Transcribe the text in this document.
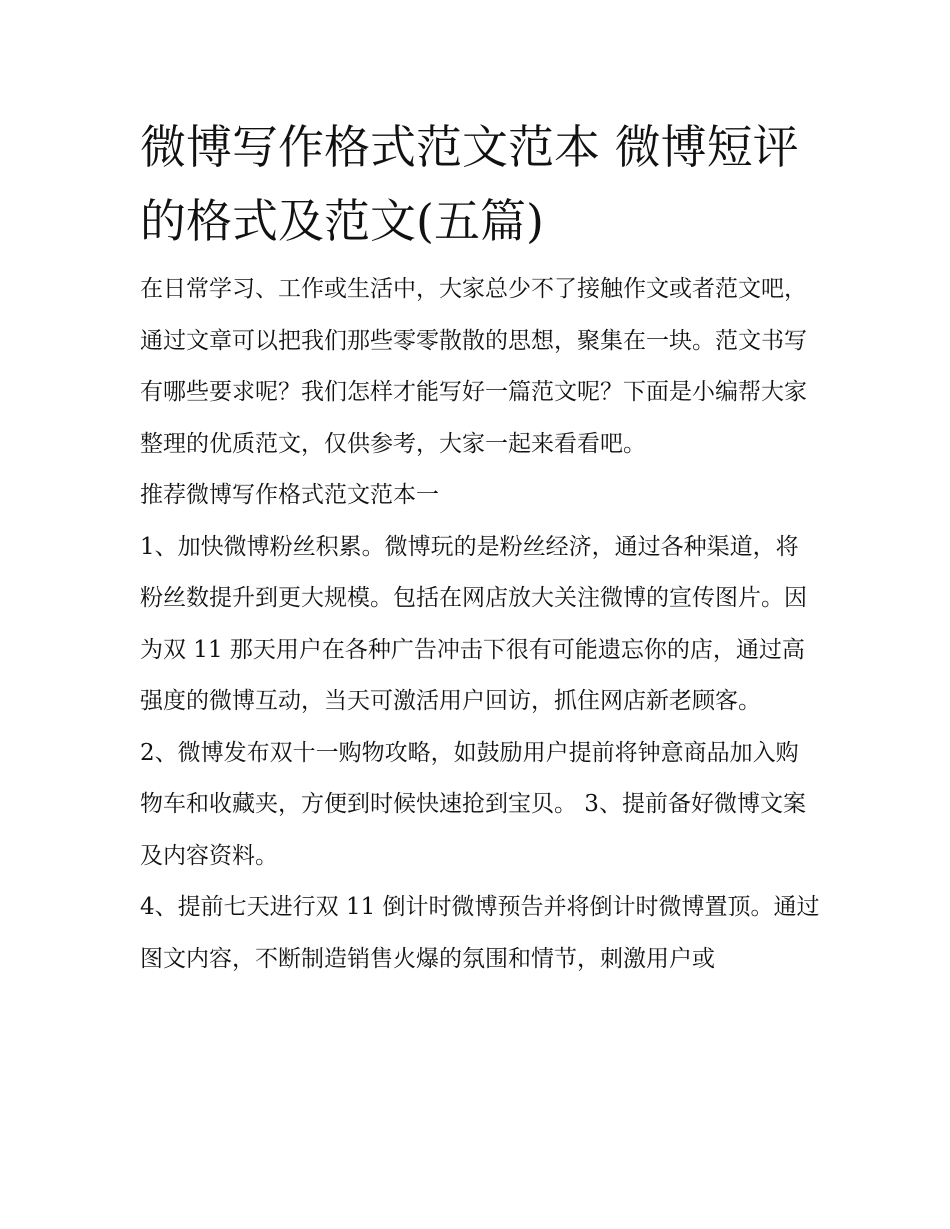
微博写作格式范文范本 微博短评的格式及范文(五篇)

在日常学习、工作或生活中，大家总少不了接触作文或者范文吧，通过文章可以把我们那些零零散散的思想，聚集在一块。范文书写有哪些要求呢？我们怎样才能写好一篇范文呢？下面是小编帮大家整理的优质范文，仅供参考，大家一起来看看吧。

推荐微博写作格式范文范本一

1、加快微博粉丝积累。微博玩的是粉丝经济，通过各种渠道，将粉丝数提升到更大规模。包括在网店放大关注微博的宣传图片。因为双 11 那天用户在各种广告冲击下很有可能遗忘你的店，通过高强度的微博互动，当天可激活用户回访，抓住网店新老顾客。

2、微博发布双十一购物攻略，如鼓励用户提前将钟意商品加入购物车和收藏夹，方便到时候快速抢到宝贝。 3、提前备好微博文案及内容资料。

4、提前七天进行双 11 倒计时微博预告并将倒计时微博置顶。通过图文内容，不断制造销售火爆的氛围和情节，刺激用户或
